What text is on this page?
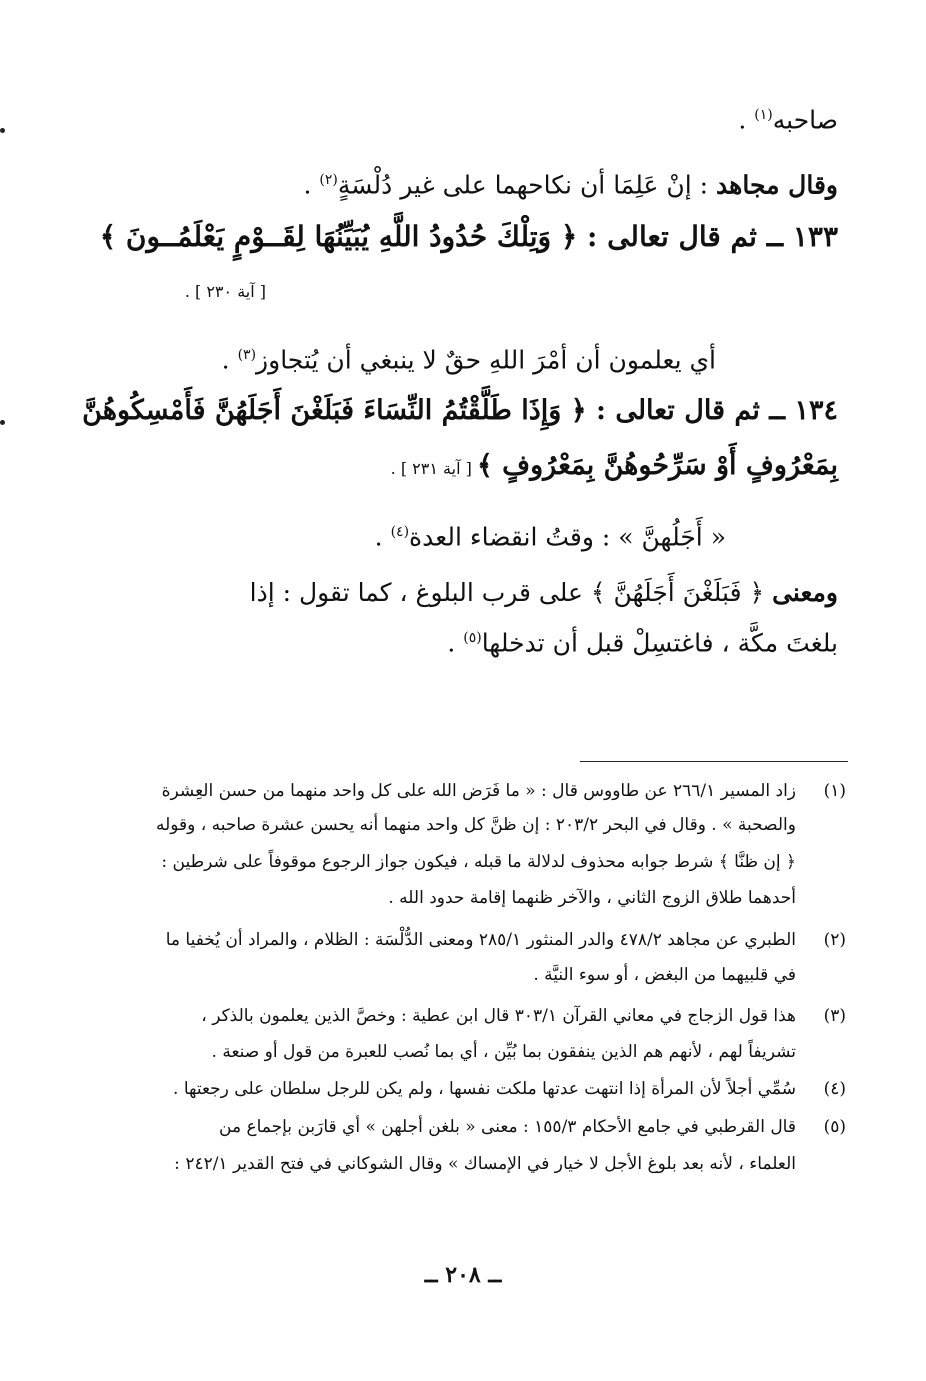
صاحبه$^{(١)}$ .
وقال مجاهد : إنْ عَلِمَا أن نكاحهما على غير دُلْسَةٍ$^{(٢)}$ .
١٣٣ ــ ثم قال تعالى : ﴿ وَتِلْكَ حُدُودُ اللَّهِ يُبَيِّنُهَا لِقَــوْمٍ يَعْلَمُــونَ ﴾
[ آية ٢٣٠ ] .
أي يعلمون أن أمْرَ اللهِ حقٌ لا ينبغي أن يُتجاوز$^{(٣)}$ .
١٣٤ ــ ثم قال تعالى : ﴿ وَإِذَا طَلَّقْتُمُ النِّسَاءَ فَبَلَغْنَ أَجَلَهُنَّ فَأَمْسِكُوهُنَّ
بِمَعْرُوفٍ أَوْ سَرِّحُوهُنَّ بِمَعْرُوفٍ ﴾ [ آية ٢٣١ ] .
« أَجَلُهنَّ » : وقتُ انقضاء العدة$^{(٤)}$ .
ومعنى ﴿ فَبَلَغْنَ أَجَلَهُنَّ ﴾ على قرب البلوغ ، كما تقول : إذا
بلغتَ مكَّة ، فاغتسِلْ قبل أن تدخلها$^{(٥)}$ .
(١)
زاد المسير ٢٦٦/١ عن طاووس قال : « ما فَرَض الله على كل واحد منهما من حسن العِشرة
والصحبة » . وقال في البحر ٢٠٣/٢ : إن ظنَّ كل واحد منهما أنه يحسن عشرة صاحبه ، وقوله
﴿ إن ظنَّا ﴾ شرط جوابه محذوف لدلالة ما قبله ، فيكون جواز الرجوع موقوفاً على شرطين :
أحدهما طلاق الزوج الثاني ، والآخر ظنهما إقامة حدود الله .
(٢)
الطبري عن مجاهد ٤٧٨/٢ والدر المنثور ٢٨٥/١ ومعنى الدُّلْسَة : الظلام ، والمراد أن يُخفيا ما
في قلبيهما من البغض ، أو سوء النيَّة .
(٣)
هذا قول الزجاج في معاني القرآن ٣٠٣/١ قال ابن عطية : وخصَّ الذين يعلمون بالذكر ،
تشريفاً لهم ، لأنهم هم الذين ينفقون بما بُيِّن ، أي بما نُصب للعبرة من قول أو صنعة .
(٤)
سُمِّي أجلاً لأن المرأة إذا انتهت عدتها ملكت نفسها ، ولم يكن للرجل سلطان على رجعتها .
(٥)
قال القرطبي في جامع الأحكام ١٥٥/٣ : معنى « بلغن أجلهن » أي قارَبن بإجماع من
العلماء ، لأنه بعد بلوغ الأجل لا خيار في الإمساك » وقال الشوكاني في فتح القدير ٢٤٢/١ :
ــ ٢٠٨ ــ
